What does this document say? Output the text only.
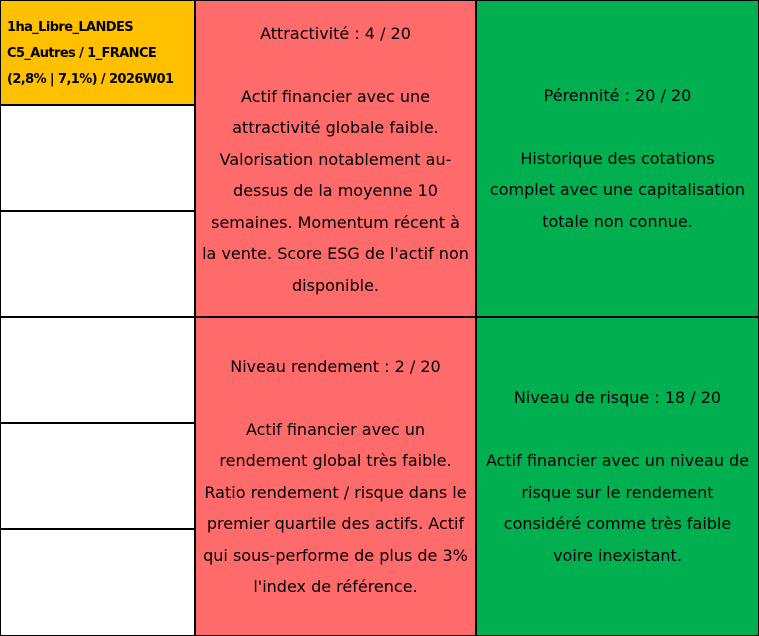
1ha_Libre_LANDES
C5_Autres / 1_FRANCE
(2,8% | 7,1%) / 2026W01
Attractivité : 4 / 20
Actif financier avec une
attractivité globale faible.
Valorisation notablement au-
dessus de la moyenne 10
semaines. Momentum récent à
la vente. Score ESG de l'actif non
disponible.
Pérennité : 20 / 20
Historique des cotations
complet avec une capitalisation
totale non connue.
Niveau rendement : 2 / 20
Actif financier avec un
rendement global très faible.
Ratio rendement / risque dans le
premier quartile des actifs. Actif
qui sous-performe de plus de 3%
l'index de référence.
Niveau de risque : 18 / 20
Actif financier avec un niveau de
risque sur le rendement
considéré comme très faible
voire inexistant.
